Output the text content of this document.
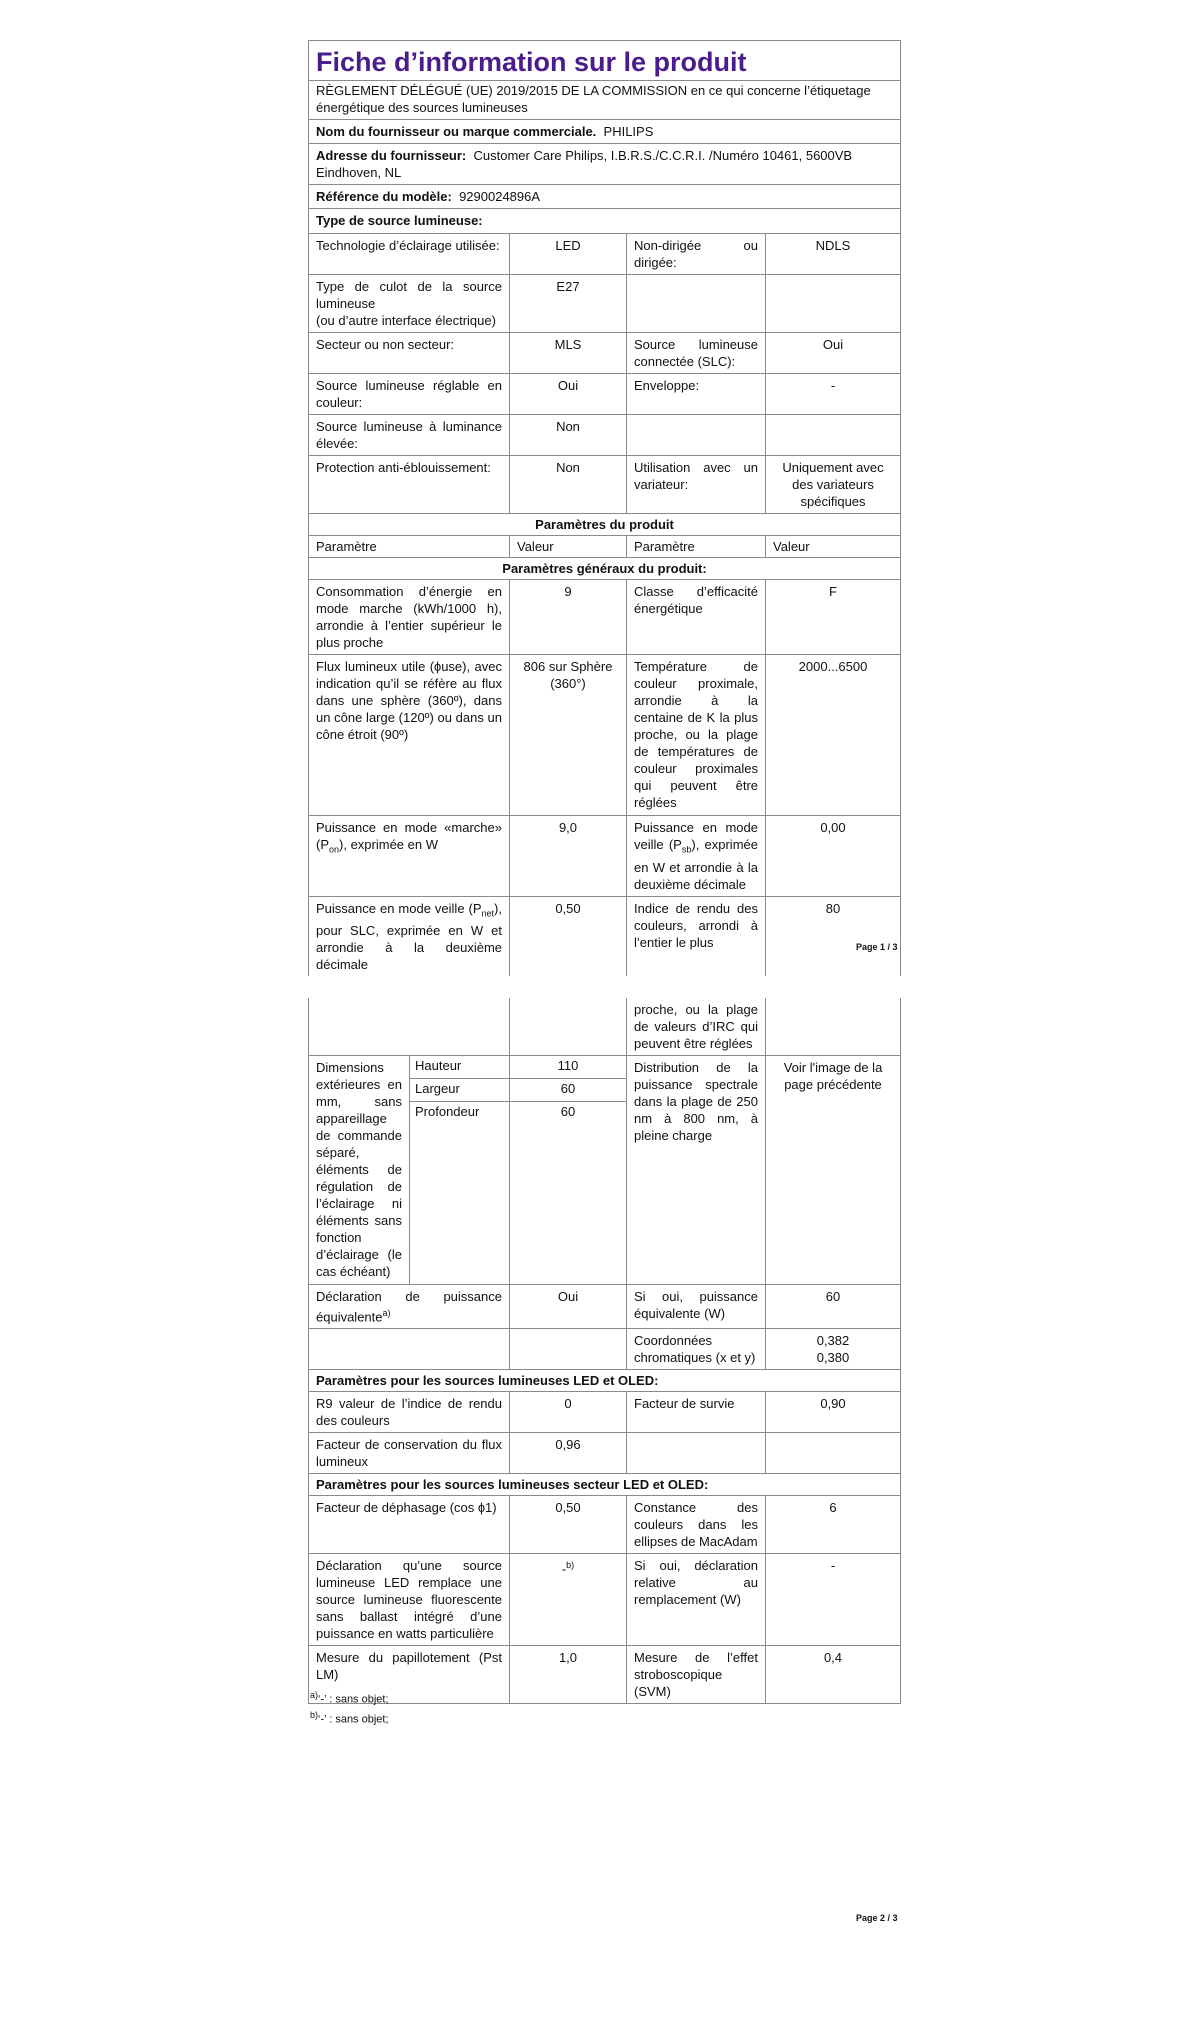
Fiche d’information sur le produit			
RÈGLEMENT DÉLÉGUÉ (UE) 2019/2015 DE LA COMMISSION en ce qui concerne l’étiquetage énergétique des sources lumineuses			
Nom du fournisseur ou marque commerciale. PHILIPS			
Adresse du fournisseur: Customer Care Philips, I.B.R.S./C.C.R.I. /Numéro 10461, 5600VB Eindhoven, NL			
Référence du modèle: 9290024896A			
Type de source lumineuse:			
Technologie d’éclairage utilisée:	LED	Non-dirigée ou dirigée:	NDLS
Type de culot de la source lumineuse
(ou d’autre interface électrique)	E27		
Secteur ou non secteur:	MLS	Source lumineuse connectée (SLC):	Oui
Source lumineuse réglable en couleur:	Oui	Enveloppe:	-
Source lumineuse à luminance élevée:	Non		
Protection anti-éblouissement:	Non	Utilisation avec un variateur:	Uniquement avec des variateurs spécifiques
Paramètres du produit			
Paramètre	Valeur	Paramètre	Valeur
Paramètres généraux du produit:			
Consommation d’énergie en mode marche (kWh/1000 h), arrondie à l’entier supérieur le plus proche	9	Classe d’efficacité énergétique	F
Flux lumineux utile (ɸuse), avec indication qu’il se réfère au flux dans une sphère (360º), dans un cône large (120º) ou dans un cône étroit (90º)	806 sur Sphère (360°)	Température de couleur proximale, arrondie à la centaine de K la plus proche, ou la plage de températures de couleur proximales qui peuvent être réglées	2000...6500
Puissance en mode «marche» $(P_{on})$, exprimée en W	9,0	Puissance en mode veille $(P_{sb})$, exprimée en W et arrondie à la deuxième décimale	0,00
Puissance en mode veille $(P_{net})$, pour SLC, exprimée en W et arrondie à la deuxième décimale	0,50	Indice de rendu des couleurs, arrondi à l’entier le plus	80
Page 1 / 3
			proche, ou la plage de valeurs d’IRC qui peuvent être réglées	
Dimensions extérieures en mm, sans appareillage de commande séparé, éléments de régulation de l’éclairage ni éléments sans fonction d’éclairage (le cas échéant)	Hauteur	110	Distribution de la puissance spectrale dans la plage de 250 nm à 800 nm, à pleine charge	Voir l'image de la page précédente
	Largeur	60		
	Profondeur	60		
Déclaration de puissance équivalente$^{a)}$		Oui	Si oui, puissance équivalente (W)	60
			Coordonnées chromatiques (x et y)	0,382
0,380
Paramètres pour les sources lumineuses LED et OLED:				
R9 valeur de l’indice de rendu des couleurs		0	Facteur de survie	0,90
Facteur de conservation du flux lumineux		0,96		
Paramètres pour les sources lumineuses secteur LED et OLED:				
Facteur de déphasage (cos ɸ1)		0,50	Constance des couleurs dans les ellipses de MacAdam	6
Déclaration qu’une source lumineuse LED remplace une source lumineuse fluorescente sans ballast intégré d’une puissance en watts particulière		-$^{b)}$	Si oui, déclaration relative au remplacement (W)	-
Mesure du papillotement (Pst LM)		1,0	Mesure de l’effet stroboscopique (SVM)	0,4
$^{a)}$‘-’ : sans objet;
$^{b)}$‘-’ : sans objet;
Page 2 / 3
